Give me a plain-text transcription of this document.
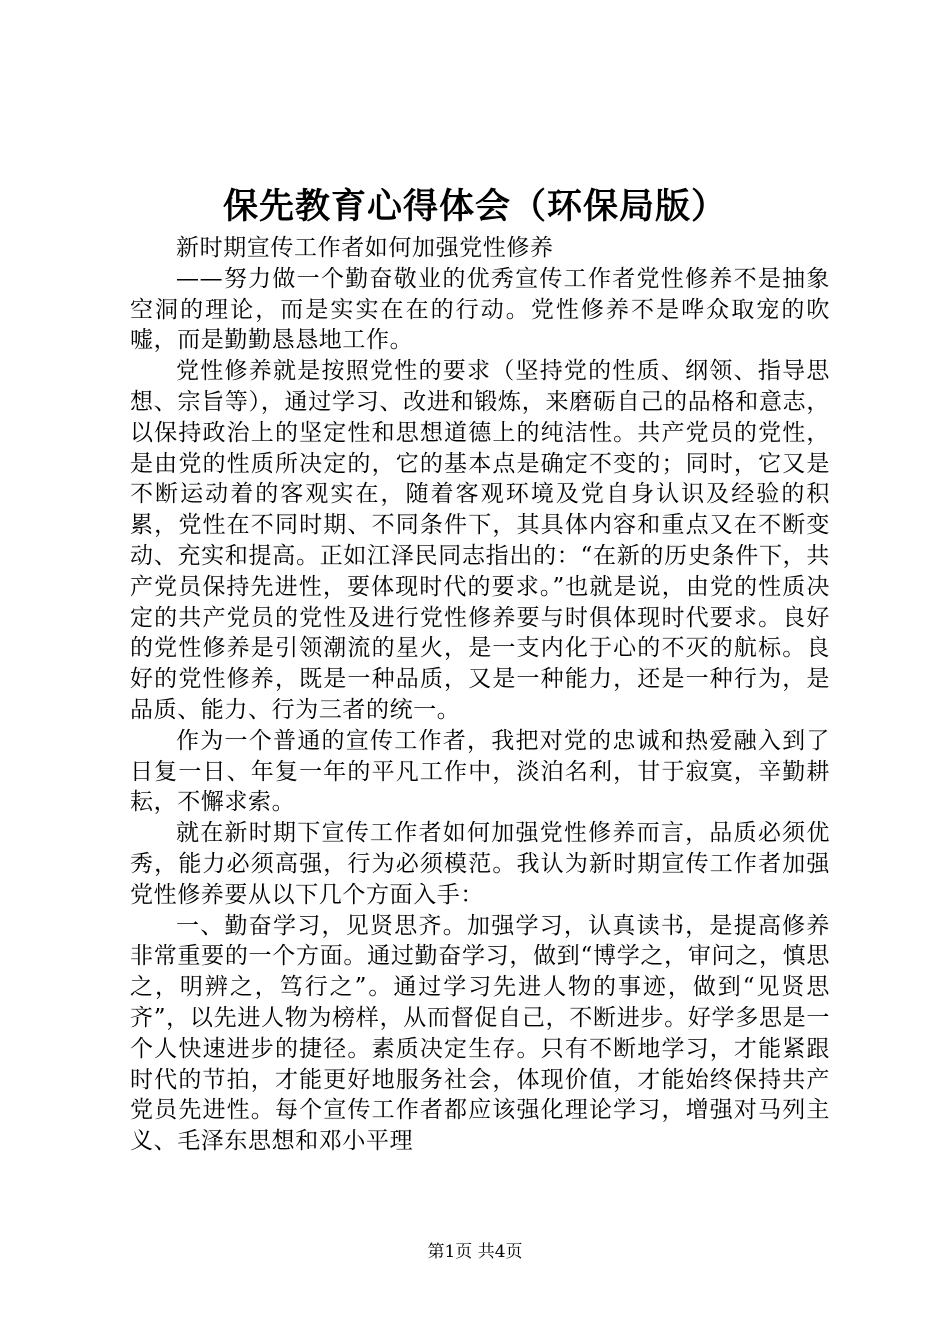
保先教育心得体会（环保局版）

新时期宣传工作者如何加强党性修养

——努力做一个勤奋敬业的优秀宣传工作者党性修养不是抽象空洞的理论，而是实实在在的行动。党性修养不是哗众取宠的吹嘘，而是勤勤恳恳地工作。

党性修养就是按照党性的要求（坚持党的性质、纲领、指导思想、宗旨等），通过学习、改进和锻炼，来磨砺自己的品格和意志，以保持政治上的坚定性和思想道德上的纯洁性。共产党员的党性，是由党的性质所决定的，它的基本点是确定不变的；同时，它又是不断运动着的客观实在，随着客观环境及党自身认识及经验的积累，党性在不同时期、不同条件下，其具体内容和重点又在不断变动、充实和提高。正如江泽民同志指出的：“在新的历史条件下，共产党员保持先进性，要体现时代的要求。”也就是说，由党的性质决定的共产党员的党性及进行党性修养要与时俱体现时代要求。良好的党性修养是引领潮流的星火，是一支内化于心的不灭的航标。良好的党性修养，既是一种品质，又是一种能力，还是一种行为，是品质、能力、行为三者的统一。

作为一个普通的宣传工作者，我把对党的忠诚和热爱融入到了日复一日、年复一年的平凡工作中，淡泊名利，甘于寂寞，辛勤耕耘，不懈求索。

就在新时期下宣传工作者如何加强党性修养而言，品质必须优秀，能力必须高强，行为必须模范。我认为新时期宣传工作者加强党性修养要从以下几个方面入手：

一、勤奋学习，见贤思齐。加强学习，认真读书，是提高修养非常重要的一个方面。通过勤奋学习，做到“博学之，审问之，慎思之，明辨之，笃行之”。通过学习先进人物的事迹，做到“见贤思齐”，以先进人物为榜样，从而督促自己，不断进步。好学多思是一个人快速进步的捷径。素质决定生存。只有不断地学习，才能紧跟时代的节拍，才能更好地服务社会，体现价值，才能始终保持共产党员先进性。每个宣传工作者都应该强化理论学习，增强对马列主义、毛泽东思想和邓小平理

第1页 共4页
